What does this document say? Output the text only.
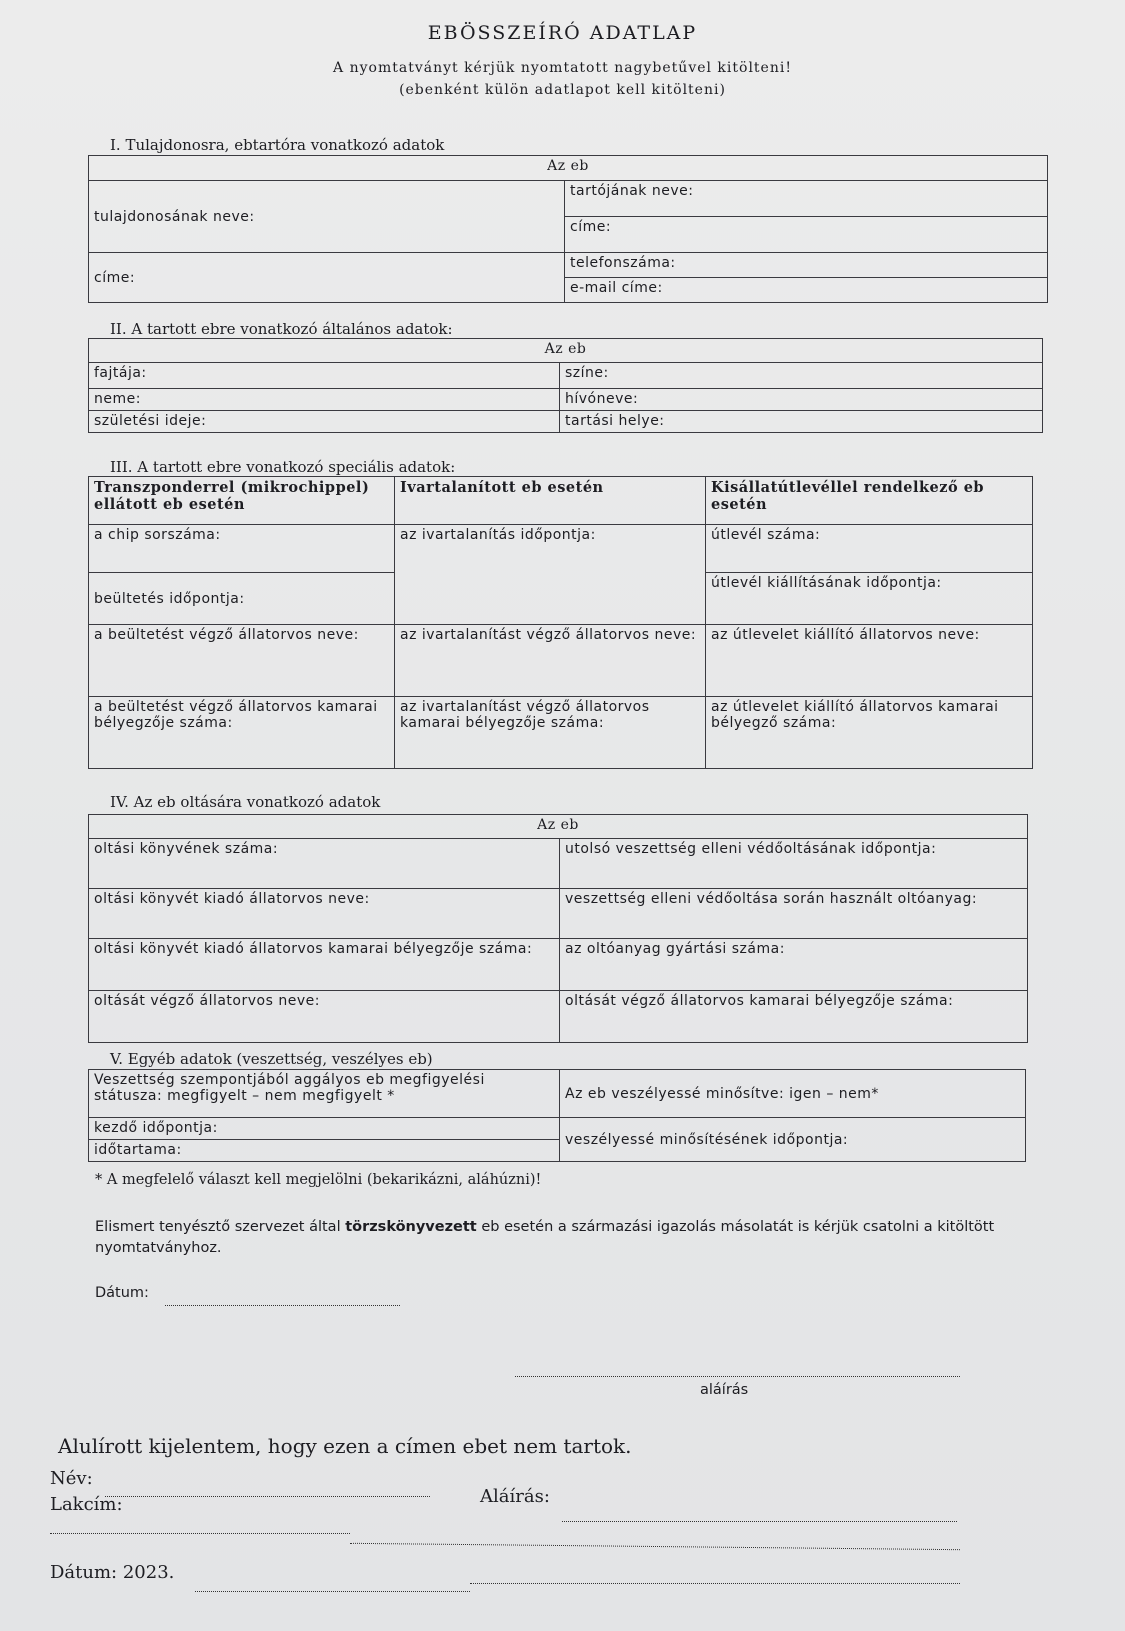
EBÖSSZEÍRÓ ADATLAP
A nyomtatványt kérjük nyomtatott nagybetűvel kitölteni!
(ebenként külön adatlapot kell kitölteni)
I. Tulajdonosra, ebtartóra vonatkozó adatok
Az eb	
tulajdonosának neve:	tartójának neve:
	címe:
címe:	telefonszáma:
	e-mail címe:
II. A tartott ebre vonatkozó általános adatok:
Az eb	
fajtája:	színe:
neme:	hívóneve:
születési ideje:	tartási helye:
III. A tartott ebre vonatkozó speciális adatok:
Transzponderrel (mikrochippel) ellátott eb esetén	Ivartalanított eb esetén	Kisállatútlevéllel rendelkező eb esetén
a chip sorszáma:	az ivartalanítás időpontja:	útlevél száma:
beültetés időpontja:		útlevél kiállításának időpontja:
a beültetést végző állatorvos neve:	az ivartalanítást végző állatorvos neve:	az útlevelet kiállító állatorvos neve:
a beültetést végző állatorvos kamarai bélyegzője száma:	az ivartalanítást végző állatorvos kamarai bélyegzője száma:	az útlevelet kiállító állatorvos kamarai bélyegző száma:
IV. Az eb oltására vonatkozó adatok
Az eb	
oltási könyvének száma:	utolsó veszettség elleni védőoltásának időpontja:
oltási könyvét kiadó állatorvos neve:	veszettség elleni védőoltása során használt oltóanyag:
oltási könyvét kiadó állatorvos kamarai bélyegzője száma:	az oltóanyag gyártási száma:
oltását végző állatorvos neve:	oltását végző állatorvos kamarai bélyegzője száma:
V. Egyéb adatok (veszettség, veszélyes eb)
Veszettség szempontjából aggályos eb megfigyelési státusza: megfigyelt – nem megfigyelt *	Az eb veszélyessé minősítve: igen – nem*

kezdő időpontja:	veszélyessé minősítésének időpontja:
időtartama:	
* A megfelelő választ kell megjelölni (bekarikázni, aláhúzni)!
Elismert tenyésztő szervezet által törzskönyvezett eb esetén a származási igazolás másolatát is kérjük csatolni a kitöltött nyomtatványhoz.
Dátum:
aláírás
Alulírott kijelentem, hogy ezen a címen ebet nem tartok.
Név:
Aláírás:
Lakcím:
Dátum: 2023.
